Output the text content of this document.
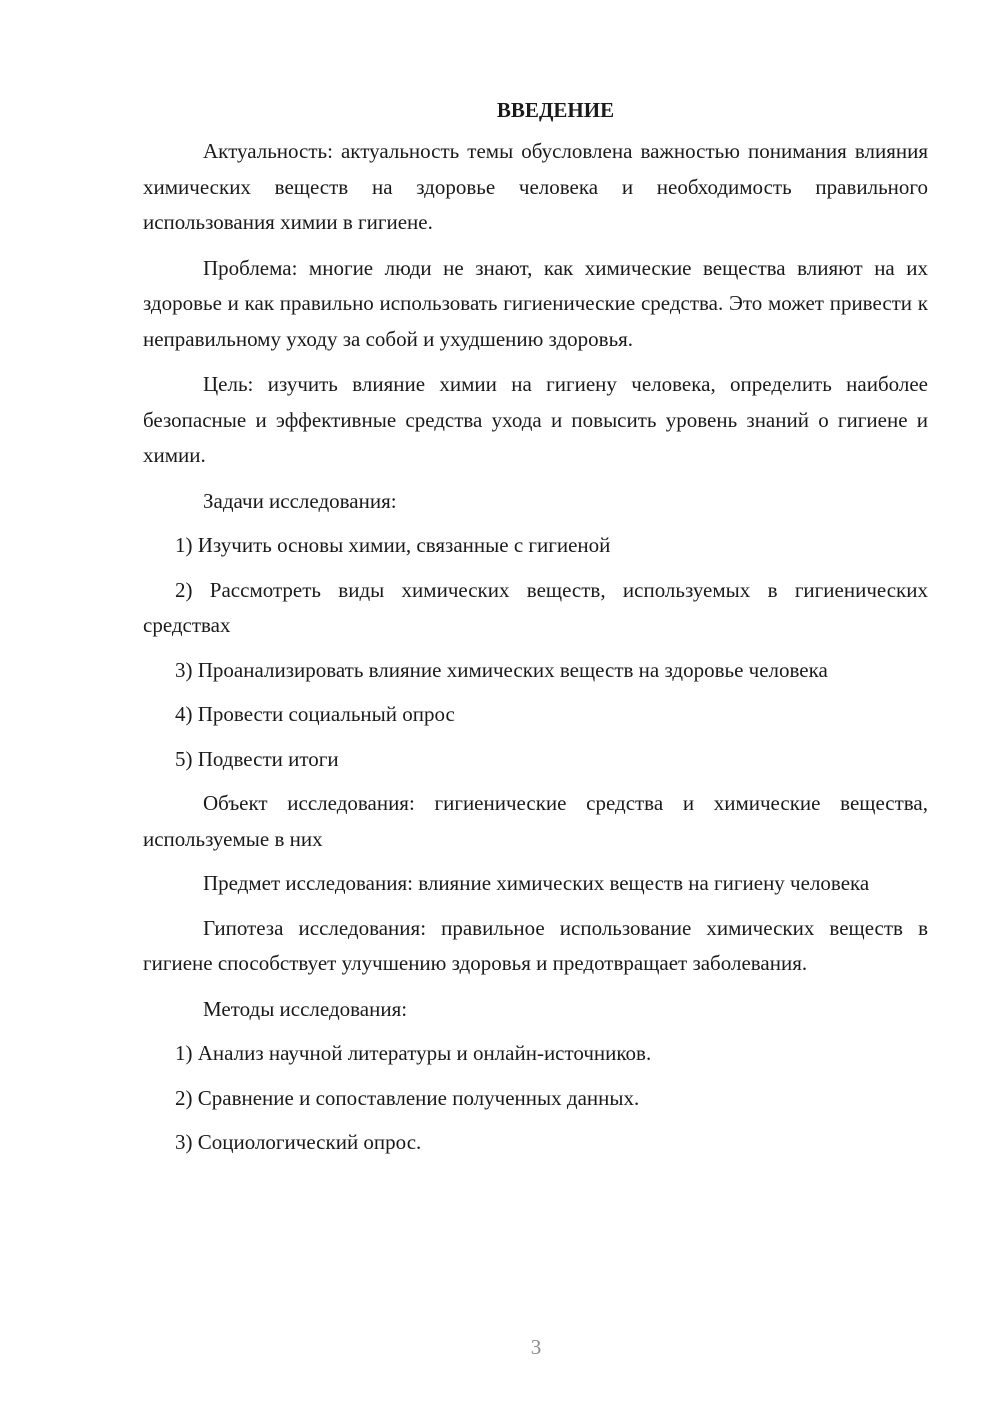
ВВЕДЕНИЕ

Актуальность: актуальность темы обусловлена важностью понимания влияния химических веществ на здоровье человека и необходимость правильного использования химии в гигиене.

Проблема: многие люди не знают, как химические вещества влияют на их здоровье и как правильно использовать гигиенические средства. Это может привести к неправильному уходу за собой и ухудшению здоровья.

Цель: изучить влияние химии на гигиену человека, определить наиболее безопасные и эффективные средства ухода и повысить уровень знаний о гигиене и химии.

Задачи исследования:

1) Изучить основы химии, связанные с гигиеной

2) Рассмотреть виды химических веществ, используемых в гигиенических средствах

3) Проанализировать влияние химических веществ на здоровье человека

4) Провести социальный опрос

5) Подвести итоги

Объект исследования: гигиенические средства и химические вещества, используемые в них

Предмет исследования: влияние химических веществ на гигиену человека

Гипотеза исследования: правильное использование химических веществ в гигиене способствует улучшению здоровья и предотвращает заболевания.

Методы исследования:

1) Анализ научной литературы и онлайн-источников.

2) Сравнение и сопоставление полученных данных.

3) Социологический опрос.

3
